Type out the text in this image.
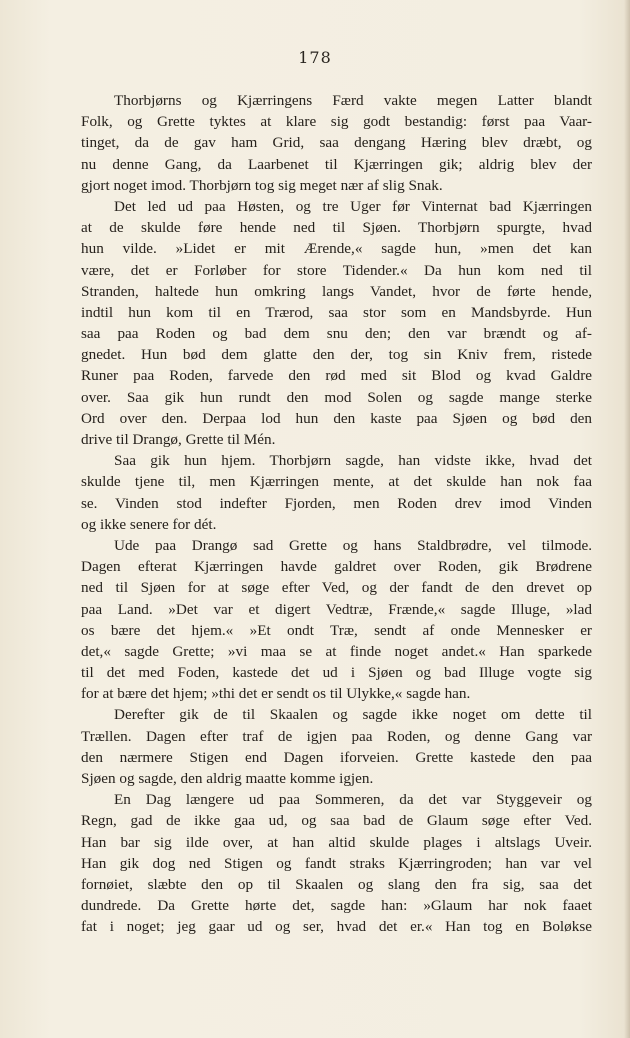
178
Thorbjørns og Kjærringens Færd vakte megen Latter blandt
Folk, og Grette tyktes at klare sig godt bestandig: først paa Vaar-
tinget, da de gav ham Grid, saa dengang Hæring blev dræbt, og
nu denne Gang, da Laarbenet til Kjærringen gik; aldrig blev der
gjort noget imod. Thorbjørn tog sig meget nær af slig Snak.
Det led ud paa Høsten, og tre Uger før Vinternat bad Kjærringen
at de skulde føre hende ned til Sjøen. Thorbjørn spurgte, hvad
hun vilde. »Lidet er mit Ærende,« sagde hun, »men det kan
være, det er Forløber for store Tidender.« Da hun kom ned til
Stranden, haltede hun omkring langs Vandet, hvor de førte hende,
indtil hun kom til en Trærod, saa stor som en Mandsbyrde. Hun
saa paa Roden og bad dem snu den; den var brændt og af-
gnedet. Hun bød dem glatte den der, tog sin Kniv frem, ristede
Runer paa Roden, farvede den rød med sit Blod og kvad Galdre
over. Saa gik hun rundt den mod Solen og sagde mange sterke
Ord over den. Derpaa lod hun den kaste paa Sjøen og bød den
drive til Drangø, Grette til Mén.
Saa gik hun hjem. Thorbjørn sagde, han vidste ikke, hvad det
skulde tjene til, men Kjærringen mente, at det skulde han nok faa
se. Vinden stod indefter Fjorden, men Roden drev imod Vinden
og ikke senere for dét.
Ude paa Drangø sad Grette og hans Staldbrødre, vel tilmode.
Dagen efterat Kjærringen havde galdret over Roden, gik Brødrene
ned til Sjøen for at søge efter Ved, og der fandt de den drevet op
paa Land. »Det var et digert Vedtræ, Frænde,« sagde Illuge, »lad
os bære det hjem.« »Et ondt Træ, sendt af onde Mennesker er
det,« sagde Grette; »vi maa se at finde noget andet.« Han sparkede
til det med Foden, kastede det ud i Sjøen og bad Illuge vogte sig
for at bære det hjem; »thi det er sendt os til Ulykke,« sagde han.
Derefter gik de til Skaalen og sagde ikke noget om dette til
Trællen. Dagen efter traf de igjen paa Roden, og denne Gang var
den nærmere Stigen end Dagen iforveien. Grette kastede den paa
Sjøen og sagde, den aldrig maatte komme igjen.
En Dag længere ud paa Sommeren, da det var Styggeveir og
Regn, gad de ikke gaa ud, og saa bad de Glaum søge efter Ved.
Han bar sig ilde over, at han altid skulde plages i altslags Uveir.
Han gik dog ned Stigen og fandt straks Kjærringroden; han var vel
fornøiet, slæbte den op til Skaalen og slang den fra sig, saa det
dundrede. Da Grette hørte det, sagde han: »Glaum har nok faaet
fat i noget; jeg gaar ud og ser, hvad det er.« Han tog en Boløkse
